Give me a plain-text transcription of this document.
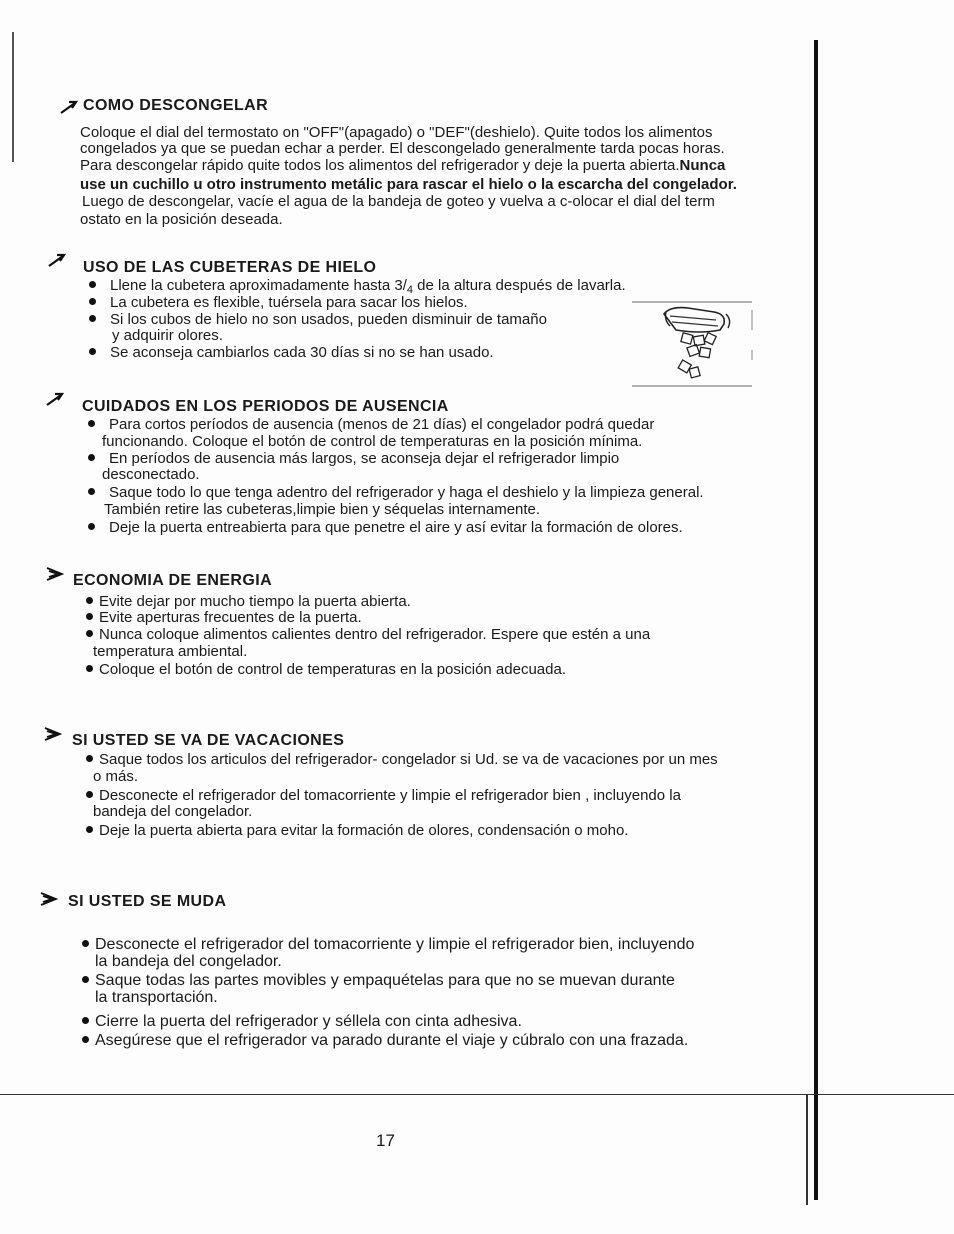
COMO DESCONGELAR
Coloque el dial del termostato on "OFF"(apagado) o "DEF"(deshielo). Quite todos los alimentos
congelados ya que se puedan echar a perder. El descongelado generalmente tarda pocas horas.
Para descongelar rápido quite todos los alimentos del refrigerador y deje la puerta abierta.Nunca
use un cuchillo u otro instrumento metálic para rascar el hielo o la escarcha del congelador.
Luego de descongelar, vacíe el agua de la bandeja de goteo y vuelva a c-olocar el dial del term
ostato en la posición deseada.
USO DE LAS CUBETERAS DE HIELO
Llene la cubetera aproximadamente hasta $3/_4$ de la altura después de lavarla.
La cubetera es flexible, tuérsela para sacar los hielos.
Si los cubos de hielo no son usados, pueden disminuir de tamaño
y adquirir olores.
Se aconseja cambiarlos cada 30 días si no se han usado.
CUIDADOS EN LOS PERIODOS DE AUSENCIA
Para cortos períodos de ausencia (menos de 21 días) el congelador podrá quedar
funcionando. Coloque el botón de control de temperaturas en la posición mínima.
En períodos de ausencia más largos, se aconseja dejar el refrigerador limpio
desconectado.
Saque todo lo que tenga adentro del refrigerador y haga el deshielo y la limpieza general.
También retire las cubeteras,limpie bien y séquelas internamente.
Deje la puerta entreabierta para que penetre el aire y así evitar la formación de olores.
ECONOMIA DE ENERGIA
Evite dejar por mucho tiempo la puerta abierta.
Evite aperturas frecuentes de la puerta.
Nunca coloque alimentos calientes dentro del refrigerador. Espere que estén a una
temperatura ambiental.
Coloque el botón de control de temperaturas en la posición adecuada.
SI USTED SE VA DE VACACIONES
Saque todos los articulos del refrigerador- congelador si Ud. se va de vacaciones por un mes
o más.
Desconecte el refrigerador del tomacorriente y limpie el refrigerador bien , incluyendo la
bandeja del congelador.
Deje la puerta abierta para evitar la formación de olores, condensación o moho.
SI USTED SE MUDA
Desconecte el refrigerador del tomacorriente y limpie el refrigerador bien, incluyendo
la bandeja del congelador.
Saque todas las partes movibles y empaquételas para que no se muevan durante
la transportación.
Cierre la puerta del refrigerador y séllela con cinta adhesiva.
Asegúrese que el refrigerador va parado durante el viaje y cúbralo con una frazada.
17
